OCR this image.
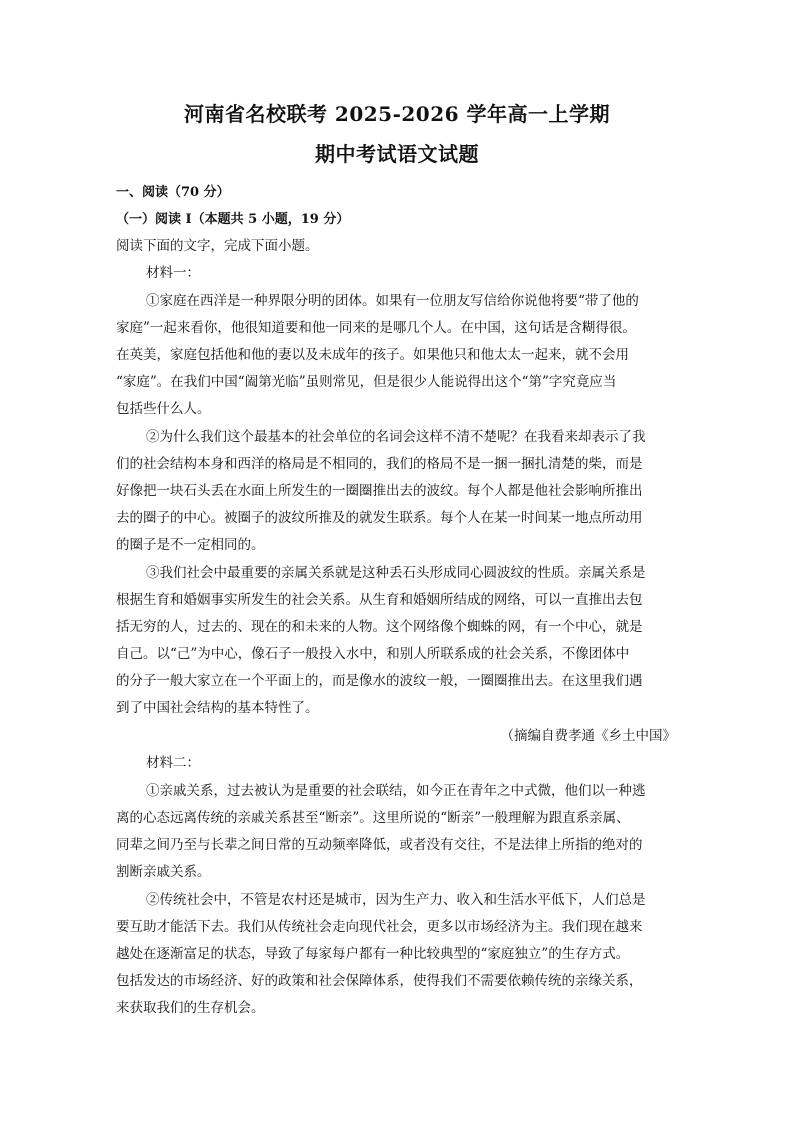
河南省名校联考 2025-2026 学年高一上学期
期中考试语文试题
一、阅读（70 分）
（一）阅读 I（本题共 5 小题，19 分）
阅读下面的文字，完成下面小题。
材料一：
①家庭在西洋是一种界限分明的团体。如果有一位朋友写信给你说他将要“带了他的
家庭”一起来看你，他很知道要和他一同来的是哪几个人。在中国，这句话是含糊得很。
在英美，家庭包括他和他的妻以及未成年的孩子。如果他只和他太太一起来，就不会用
“家庭”。在我们中国“阖第光临”虽则常见，但是很少人能说得出这个“第”字究竟应当
包括些什么人。
②为什么我们这个最基本的社会单位的名词会这样不清不楚呢？在我看来却表示了我
们的社会结构本身和西洋的格局是不相同的，我们的格局不是一捆一捆扎清楚的柴，而是
好像把一块石头丢在水面上所发生的一圈圈推出去的波纹。每个人都是他社会影响所推出
去的圈子的中心。被圈子的波纹所推及的就发生联系。每个人在某一时间某一地点所动用
的圈子是不一定相同的。
③我们社会中最重要的亲属关系就是这种丢石头形成同心圆波纹的性质。亲属关系是
根据生育和婚姻事实所发生的社会关系。从生育和婚姻所结成的网络，可以一直推出去包
括无穷的人，过去的、现在的和未来的人物。这个网络像个蜘蛛的网，有一个中心，就是
自己。以“己”为中心，像石子一般投入水中，和别人所联系成的社会关系，不像团体中
的分子一般大家立在一个平面上的，而是像水的波纹一般，一圈圈推出去。在这里我们遇
到了中国社会结构的基本特性了。
（摘编自费孝通《乡土中国》
材料二：
①亲戚关系，过去被认为是重要的社会联结，如今正在青年之中式微，他们以一种逃
离的心态远离传统的亲戚关系甚至“断亲”。这里所说的“断亲”一般理解为跟直系亲属、
同辈之间乃至与长辈之间日常的互动频率降低，或者没有交往，不是法律上所指的绝对的
割断亲戚关系。
②传统社会中，不管是农村还是城市，因为生产力、收入和生活水平低下，人们总是
要互助才能活下去。我们从传统社会走向现代社会，更多以市场经济为主。我们现在越来
越处在逐渐富足的状态，导致了每家每户都有一种比较典型的“家庭独立”的生存方式。
包括发达的市场经济、好的政策和社会保障体系，使得我们不需要依赖传统的亲缘关系，
来获取我们的生存机会。
